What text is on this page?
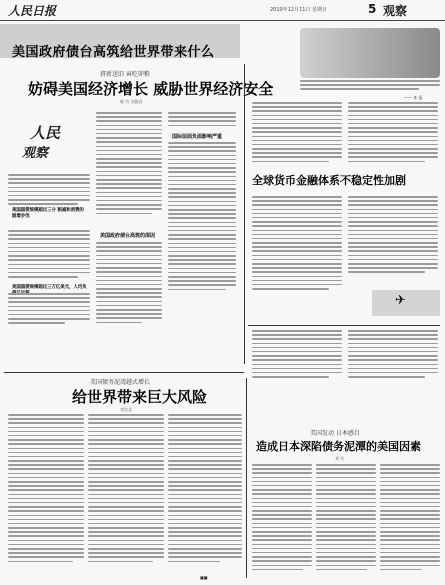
人民日报	2010年12月11日 星期日	5 观察
美国政府债台高筑给世界带来什么
—— 本 报
挤新送旧 寅吃卯粮
妨碍美国经济增长 威胁世界经济安全
陈 竹 刘施直
人民
观察
美国国债规模超过三分 割减和消费的剧增步伐
美国国债规模超过三万亿美元，人均负
美国政府债台高筑的深因
国际层面负面影响严重
全球货币金融体系不稳定性加剧
✈
美国债务泥湾越式增长
给世界带来巨大风险
李沈北
美国发动 日本感目
造成日本深陷债务泥潭的美国因素
刘 军
■■
